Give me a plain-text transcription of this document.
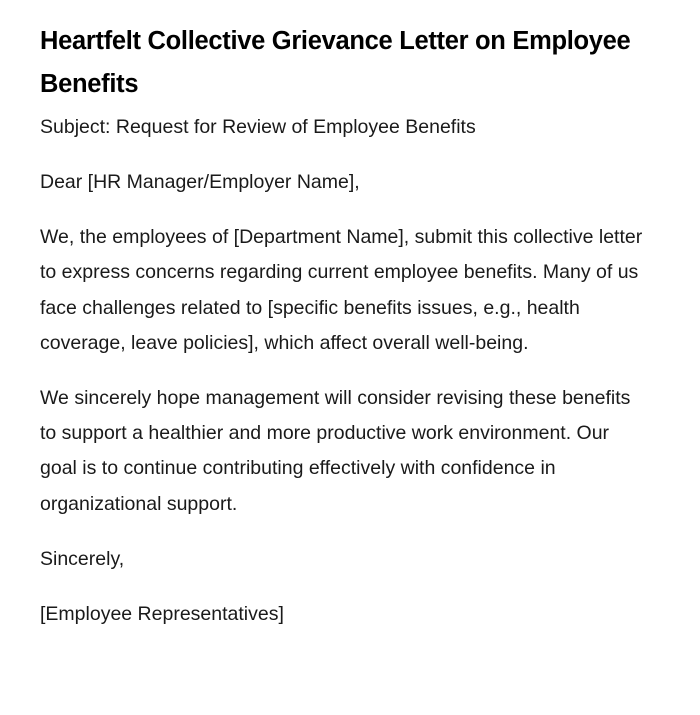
Heartfelt Collective Grievance Letter on Employee Benefits

Subject: Request for Review of Employee Benefits

Dear [HR Manager/Employer Name],

We, the employees of [Department Name], submit this collective letter to express concerns regarding current employee benefits. Many of us face challenges related to [specific benefits issues, e.g., health coverage, leave policies], which affect overall well-being.

We sincerely hope management will consider revising these benefits to support a healthier and more productive work environment. Our goal is to continue contributing effectively with confidence in organizational support.

Sincerely,

[Employee Representatives]
